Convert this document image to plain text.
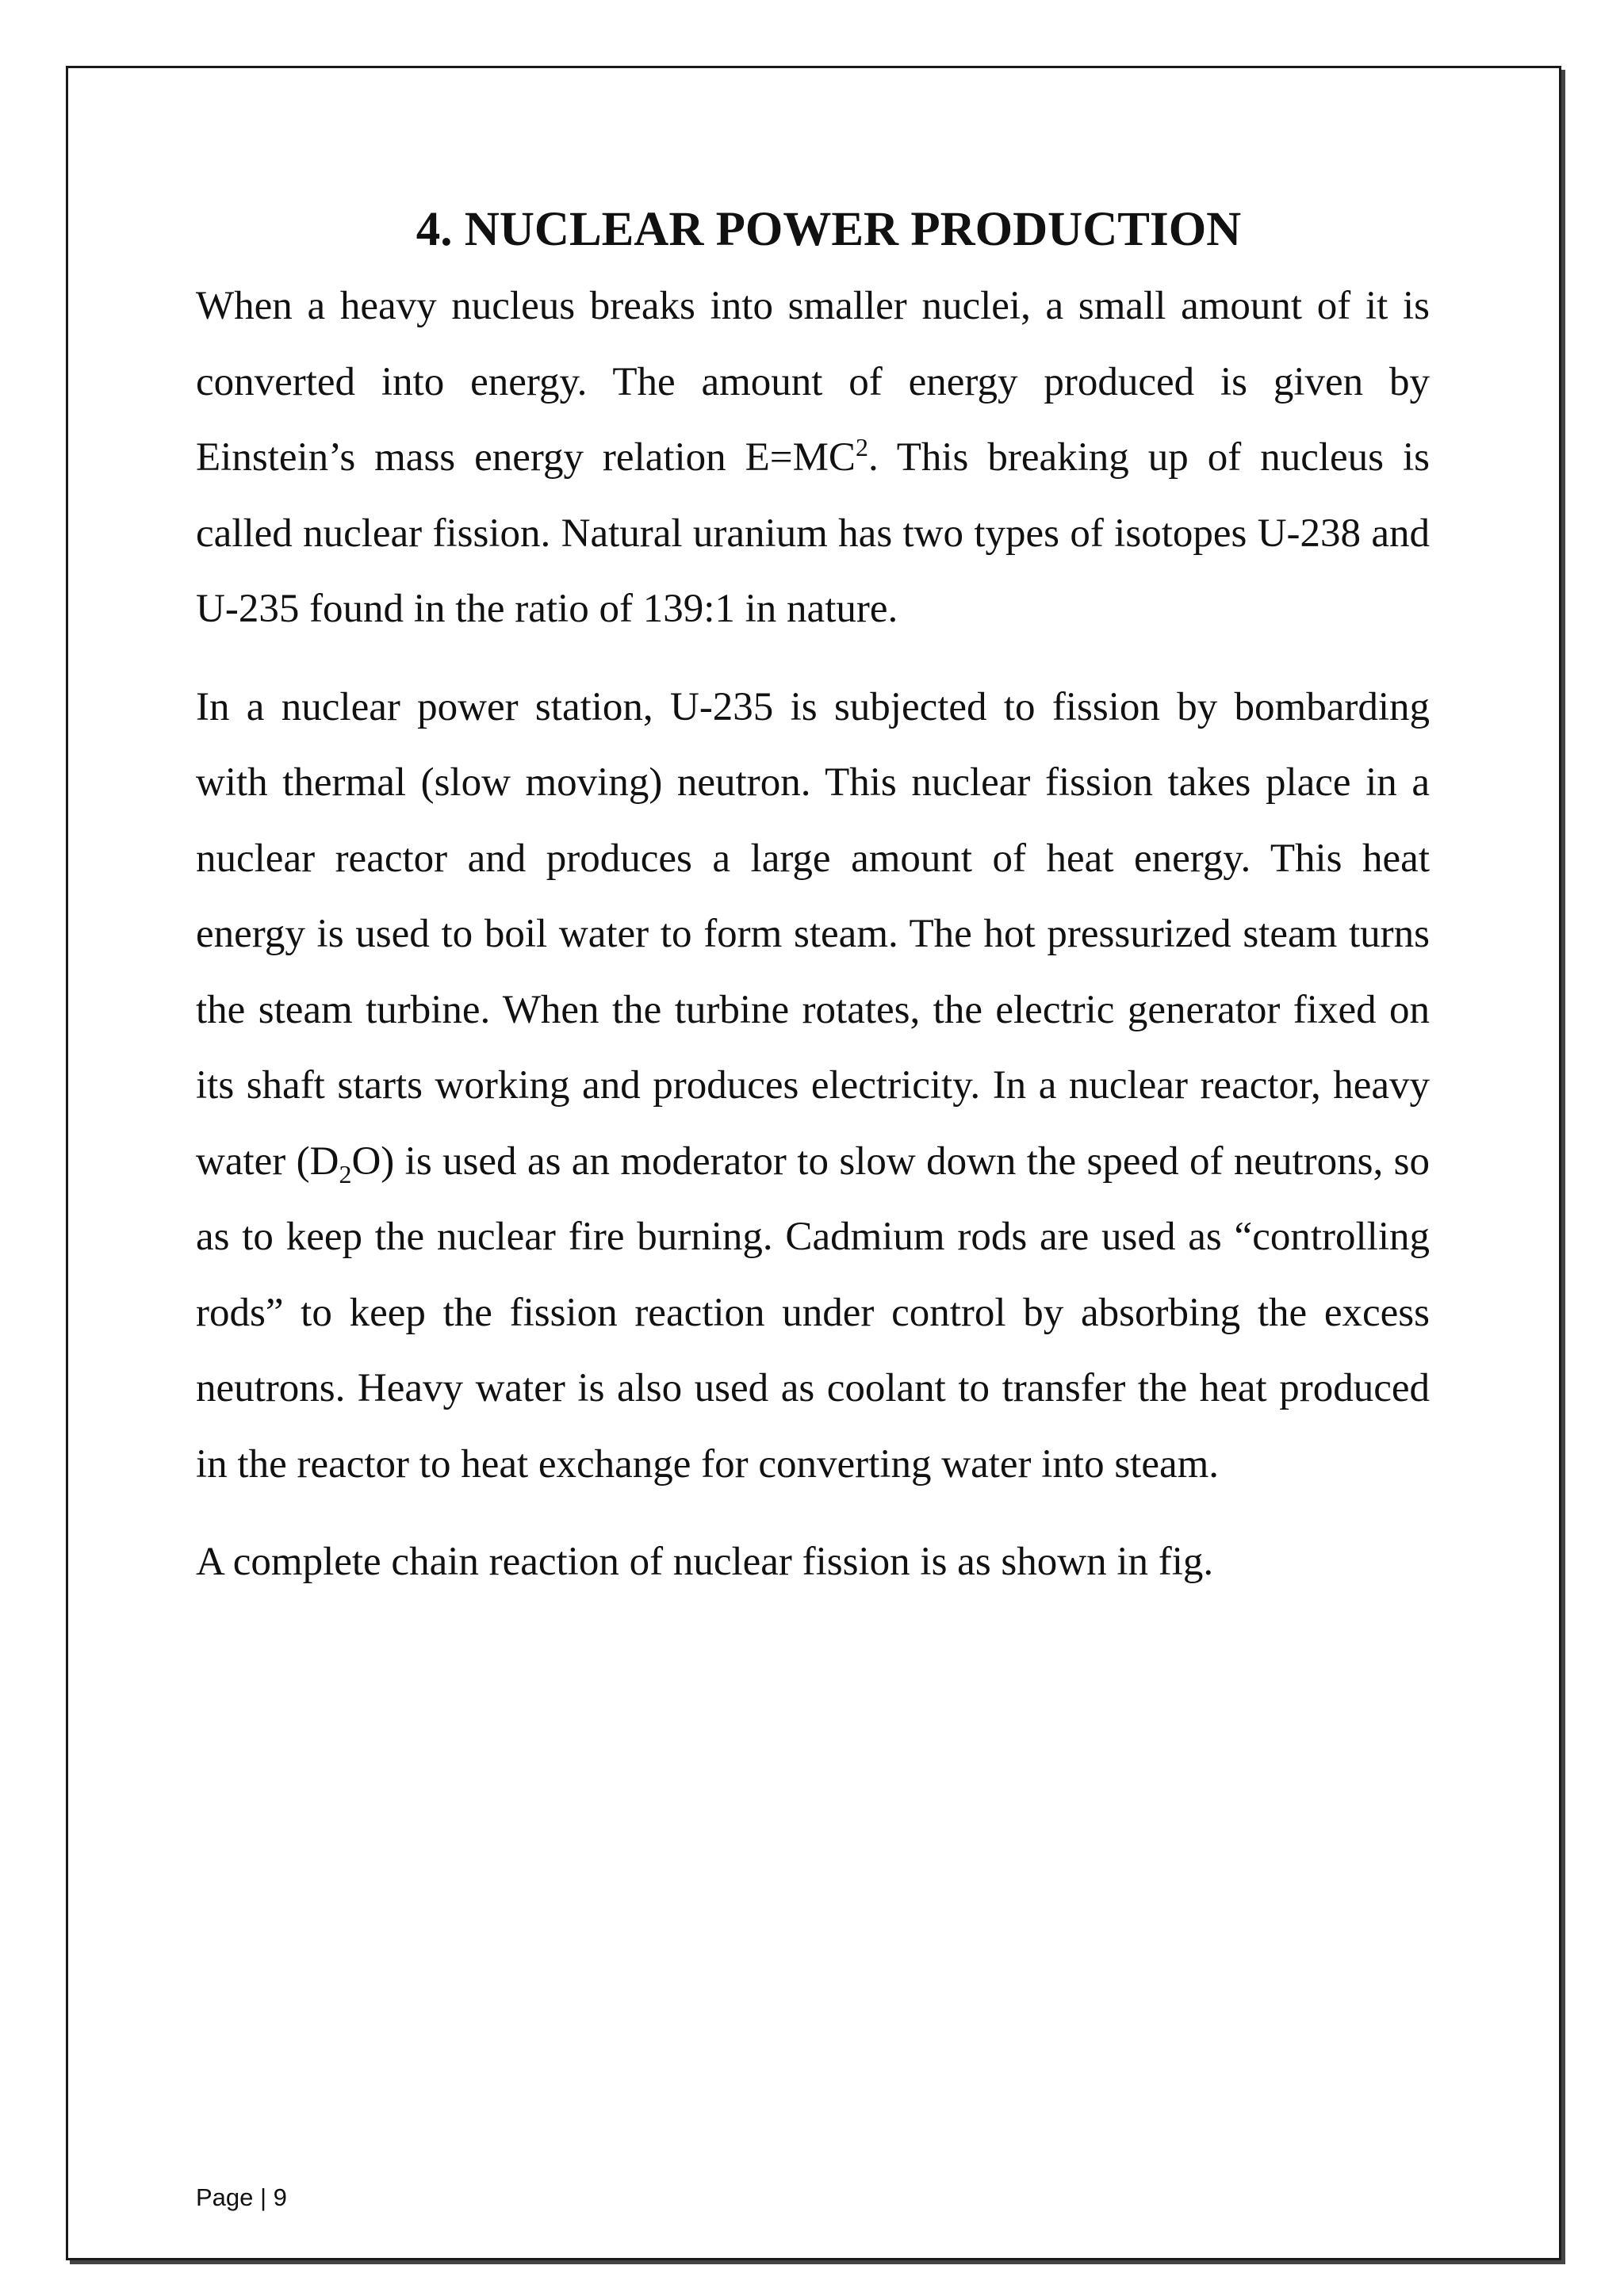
4. NUCLEAR POWER PRODUCTION

When a heavy nucleus breaks into smaller nuclei, a small amount of it is converted into energy. The amount of energy produced is given by Einstein’s mass energy relation $E=MC^2$. This breaking up of nucleus is called nuclear fission. Natural uranium has two types of isotopes U-238 and U-235 found in the ratio of 139:1 in nature.

In a nuclear power station, U-235 is subjected to fission by bombarding with thermal (slow moving) neutron. This nuclear fission takes place in a nuclear reactor and produces a large amount of heat energy. This heat energy is used to boil water to form steam. The hot pressurized steam turns the steam turbine. When the turbine rotates, the electric generator fixed on its shaft starts working and produces electricity. In a nuclear reactor, heavy water $(D_2O)$ is used as an moderator to slow down the speed of neutrons, so as to keep the nuclear fire burning. Cadmium rods are used as “controlling rods” to keep the fission reaction under control by absorbing the excess neutrons. Heavy water is also used as coolant to transfer the heat produced in the reactor to heat exchange for converting water into steam.

A complete chain reaction of nuclear fission is as shown in fig.

Page | 9
